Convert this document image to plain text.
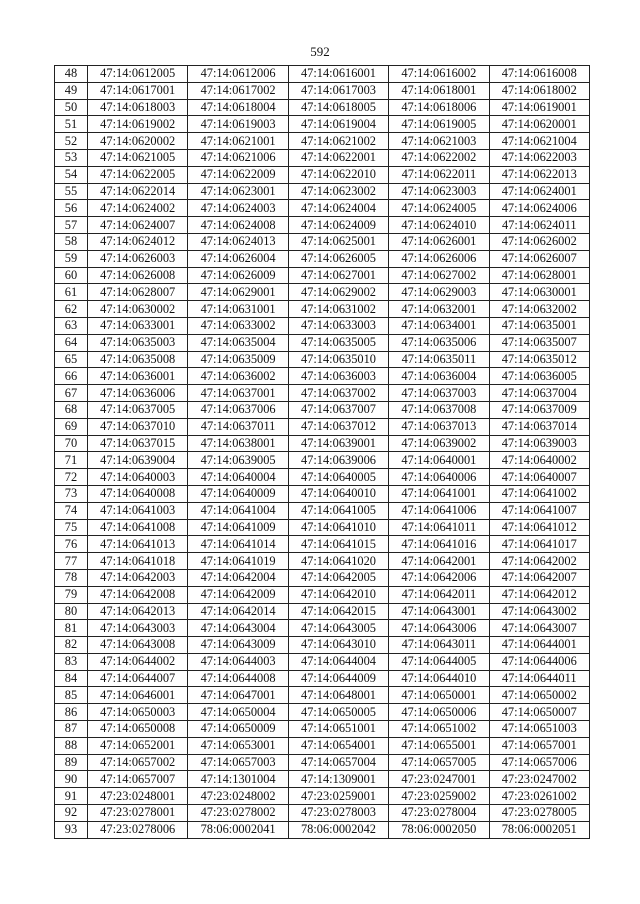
592
48	47:14:0612005	47:14:0612006	47:14:0616001	47:14:0616002	47:14:0616008
49	47:14:0617001	47:14:0617002	47:14:0617003	47:14:0618001	47:14:0618002
50	47:14:0618003	47:14:0618004	47:14:0618005	47:14:0618006	47:14:0619001
51	47:14:0619002	47:14:0619003	47:14:0619004	47:14:0619005	47:14:0620001
52	47:14:0620002	47:14:0621001	47:14:0621002	47:14:0621003	47:14:0621004
53	47:14:0621005	47:14:0621006	47:14:0622001	47:14:0622002	47:14:0622003
54	47:14:0622005	47:14:0622009	47:14:0622010	47:14:0622011	47:14:0622013
55	47:14:0622014	47:14:0623001	47:14:0623002	47:14:0623003	47:14:0624001
56	47:14:0624002	47:14:0624003	47:14:0624004	47:14:0624005	47:14:0624006
57	47:14:0624007	47:14:0624008	47:14:0624009	47:14:0624010	47:14:0624011
58	47:14:0624012	47:14:0624013	47:14:0625001	47:14:0626001	47:14:0626002
59	47:14:0626003	47:14:0626004	47:14:0626005	47:14:0626006	47:14:0626007
60	47:14:0626008	47:14:0626009	47:14:0627001	47:14:0627002	47:14:0628001
61	47:14:0628007	47:14:0629001	47:14:0629002	47:14:0629003	47:14:0630001
62	47:14:0630002	47:14:0631001	47:14:0631002	47:14:0632001	47:14:0632002
63	47:14:0633001	47:14:0633002	47:14:0633003	47:14:0634001	47:14:0635001
64	47:14:0635003	47:14:0635004	47:14:0635005	47:14:0635006	47:14:0635007
65	47:14:0635008	47:14:0635009	47:14:0635010	47:14:0635011	47:14:0635012
66	47:14:0636001	47:14:0636002	47:14:0636003	47:14:0636004	47:14:0636005
67	47:14:0636006	47:14:0637001	47:14:0637002	47:14:0637003	47:14:0637004
68	47:14:0637005	47:14:0637006	47:14:0637007	47:14:0637008	47:14:0637009
69	47:14:0637010	47:14:0637011	47:14:0637012	47:14:0637013	47:14:0637014
70	47:14:0637015	47:14:0638001	47:14:0639001	47:14:0639002	47:14:0639003
71	47:14:0639004	47:14:0639005	47:14:0639006	47:14:0640001	47:14:0640002
72	47:14:0640003	47:14:0640004	47:14:0640005	47:14:0640006	47:14:0640007
73	47:14:0640008	47:14:0640009	47:14:0640010	47:14:0641001	47:14:0641002
74	47:14:0641003	47:14:0641004	47:14:0641005	47:14:0641006	47:14:0641007
75	47:14:0641008	47:14:0641009	47:14:0641010	47:14:0641011	47:14:0641012
76	47:14:0641013	47:14:0641014	47:14:0641015	47:14:0641016	47:14:0641017
77	47:14:0641018	47:14:0641019	47:14:0641020	47:14:0642001	47:14:0642002
78	47:14:0642003	47:14:0642004	47:14:0642005	47:14:0642006	47:14:0642007
79	47:14:0642008	47:14:0642009	47:14:0642010	47:14:0642011	47:14:0642012
80	47:14:0642013	47:14:0642014	47:14:0642015	47:14:0643001	47:14:0643002
81	47:14:0643003	47:14:0643004	47:14:0643005	47:14:0643006	47:14:0643007
82	47:14:0643008	47:14:0643009	47:14:0643010	47:14:0643011	47:14:0644001
83	47:14:0644002	47:14:0644003	47:14:0644004	47:14:0644005	47:14:0644006
84	47:14:0644007	47:14:0644008	47:14:0644009	47:14:0644010	47:14:0644011
85	47:14:0646001	47:14:0647001	47:14:0648001	47:14:0650001	47:14:0650002
86	47:14:0650003	47:14:0650004	47:14:0650005	47:14:0650006	47:14:0650007
87	47:14:0650008	47:14:0650009	47:14:0651001	47:14:0651002	47:14:0651003
88	47:14:0652001	47:14:0653001	47:14:0654001	47:14:0655001	47:14:0657001
89	47:14:0657002	47:14:0657003	47:14:0657004	47:14:0657005	47:14:0657006
90	47:14:0657007	47:14:1301004	47:14:1309001	47:23:0247001	47:23:0247002
91	47:23:0248001	47:23:0248002	47:23:0259001	47:23:0259002	47:23:0261002
92	47:23:0278001	47:23:0278002	47:23:0278003	47:23:0278004	47:23:0278005
93	47:23:0278006	78:06:0002041	78:06:0002042	78:06:0002050	78:06:0002051
